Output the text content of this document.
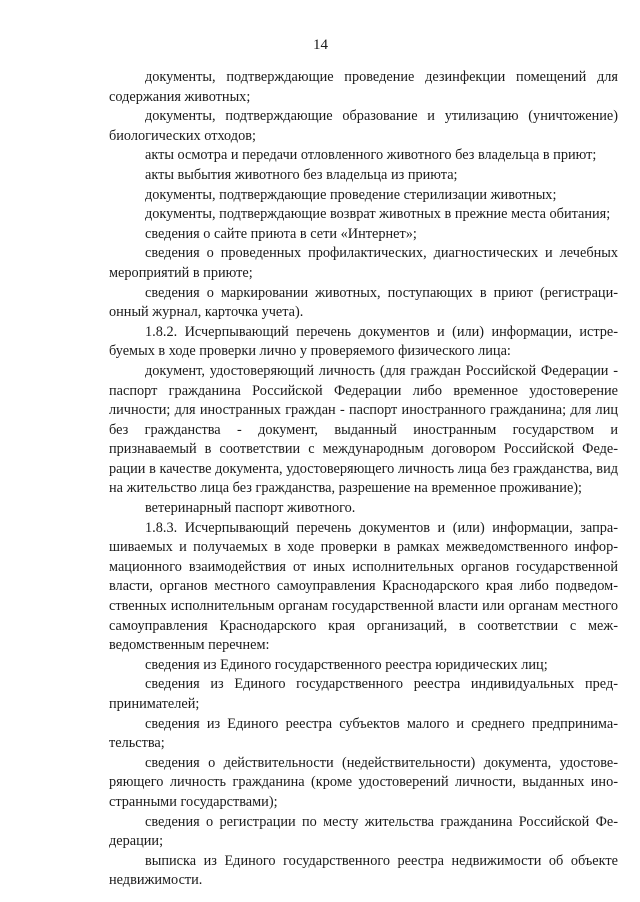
14

документы, подтверждающие проведение дезинфекции помещений для содержания животных;

документы, подтверждающие образование и утилизацию (уничтожение) биологических отходов;

акты осмотра и передачи отловленного животного без владельца в приют;

акты выбытия животного без владельца из приюта;

документы, подтверждающие проведение стерилизации животных;

документы, подтверждающие возврат животных в прежние места обитания;

сведения о сайте приюта в сети «Интернет»;

сведения о проведенных профилактических, диагностических и лечебных мероприятий в приюте;

сведения о маркировании животных, поступающих в приют (регистрационный журнал, карточка учета).

1.8.2. Исчерпывающий перечень документов и (или) информации, истребуемых в ходе проверки лично у проверяемого физического лица:

документ, удостоверяющий личность (для граждан Российской Федерации - паспорт гражданина Российской Федерации либо временное удостоверение личности; для иностранных граждан - паспорт иностранного гражданина; для лиц без гражданства - документ, выданный иностранным государством и признаваемый в соответствии с международным договором Российской Федерации в качестве документа, удостоверяющего личность лица без гражданства, вид на жительство лица без гражданства, разрешение на временное проживание);

ветеринарный паспорт животного.

1.8.3. Исчерпывающий перечень документов и (или) информации, запрашиваемых и получаемых в ходе проверки в рамках межведомственного информационного взаимодействия от иных исполнительных органов государственной власти, органов местного самоуправления Краснодарского края либо подведомственных исполнительным органам государственной власти или органам местного самоуправления Краснодарского края организаций, в соответствии с межведомственным перечнем:

сведения из Единого государственного реестра юридических лиц;

сведения из Единого государственного реестра индивидуальных предпринимателей;

сведения из Единого реестра субъектов малого и среднего предпринимательства;

сведения о действительности (недействительности) документа, удостоверяющего личность гражданина (кроме удостоверений личности, выданных иностранными государствами);

сведения о регистрации по месту жительства гражданина Российской Федерации;

выписка из Единого государственного реестра недвижимости об объекте недвижимости.
